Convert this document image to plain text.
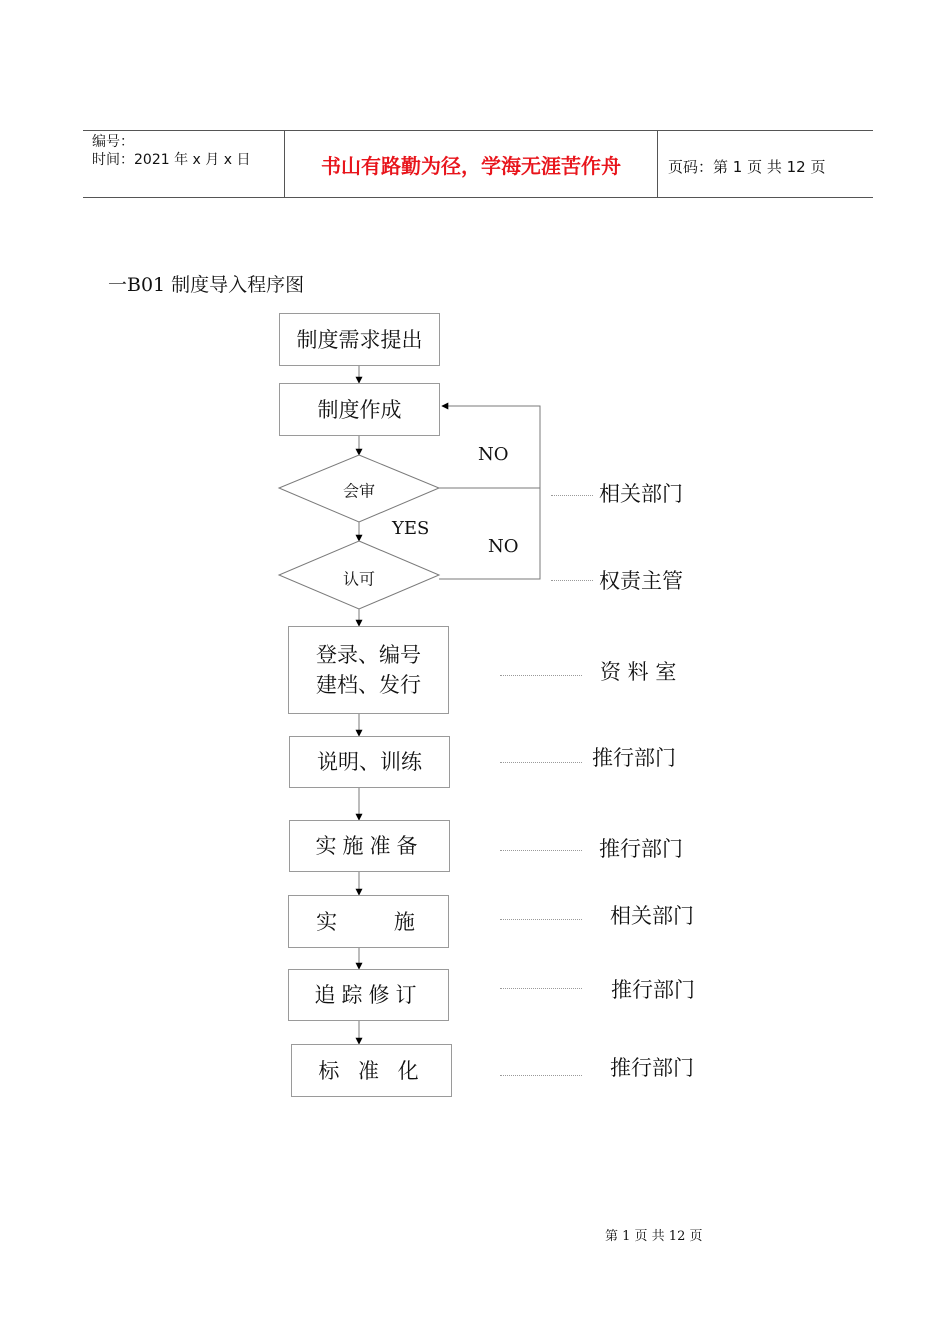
编号：
时间：2021 年 x 月 x 日	书山有路勤为径，学海无涯苦作舟	页码：第 1 页 共 12 页
一B01 制度导入程序图
制度需求提出
制度作成
会审
认可
登录、编号
建档、发行
说明、训练
实施准备
实    施
追踪修订
标 准 化
NO
YES
NO
相关部门
权责主管
资 料 室
推行部门
推行部门
相关部门
推行部门
推行部门
第 1 页 共 12 页
